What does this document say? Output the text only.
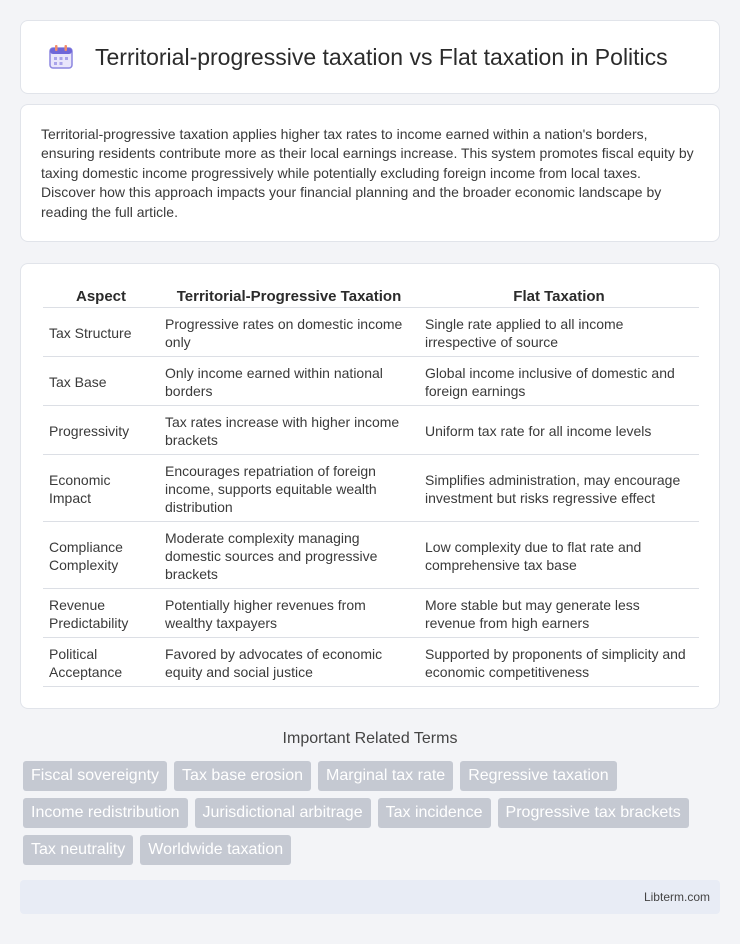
Territorial-progressive taxation vs Flat taxation in Politics

Territorial-progressive taxation applies higher tax rates to income earned within a nation's borders, ensuring residents contribute more as their local earnings increase. This system promotes fiscal equity by taxing domestic income progressively while potentially excluding foreign income from local taxes. Discover how this approach impacts your financial planning and the broader economic landscape by reading the full article.

Aspect	Territorial-Progressive Taxation	Flat Taxation
Tax Structure	Progressive rates on domestic income only	Single rate applied to all income irrespective of source
Tax Base	Only income earned within national borders	Global income inclusive of domestic and foreign earnings
Progressivity	Tax rates increase with higher income brackets	Uniform tax rate for all income levels
Economic Impact	Encourages repatriation of foreign income, supports equitable wealth distribution	Simplifies administration, may encourage investment but risks regressive effect
Compliance Complexity	Moderate complexity managing domestic sources and progressive brackets	Low complexity due to flat rate and comprehensive tax base
Revenue Predictability	Potentially higher revenues from wealthy taxpayers	More stable but may generate less revenue from high earners
Political Acceptance	Favored by advocates of economic equity and social justice	Supported by proponents of simplicity and economic competitiveness
Important Related Terms
Fiscal sovereignty	Tax base erosion	Marginal tax rate	Regressive taxation
Income redistribution	Jurisdictional arbitrage	Tax incidence	Progressive tax brackets
Tax neutrality	Worldwide taxation
Libterm.com
